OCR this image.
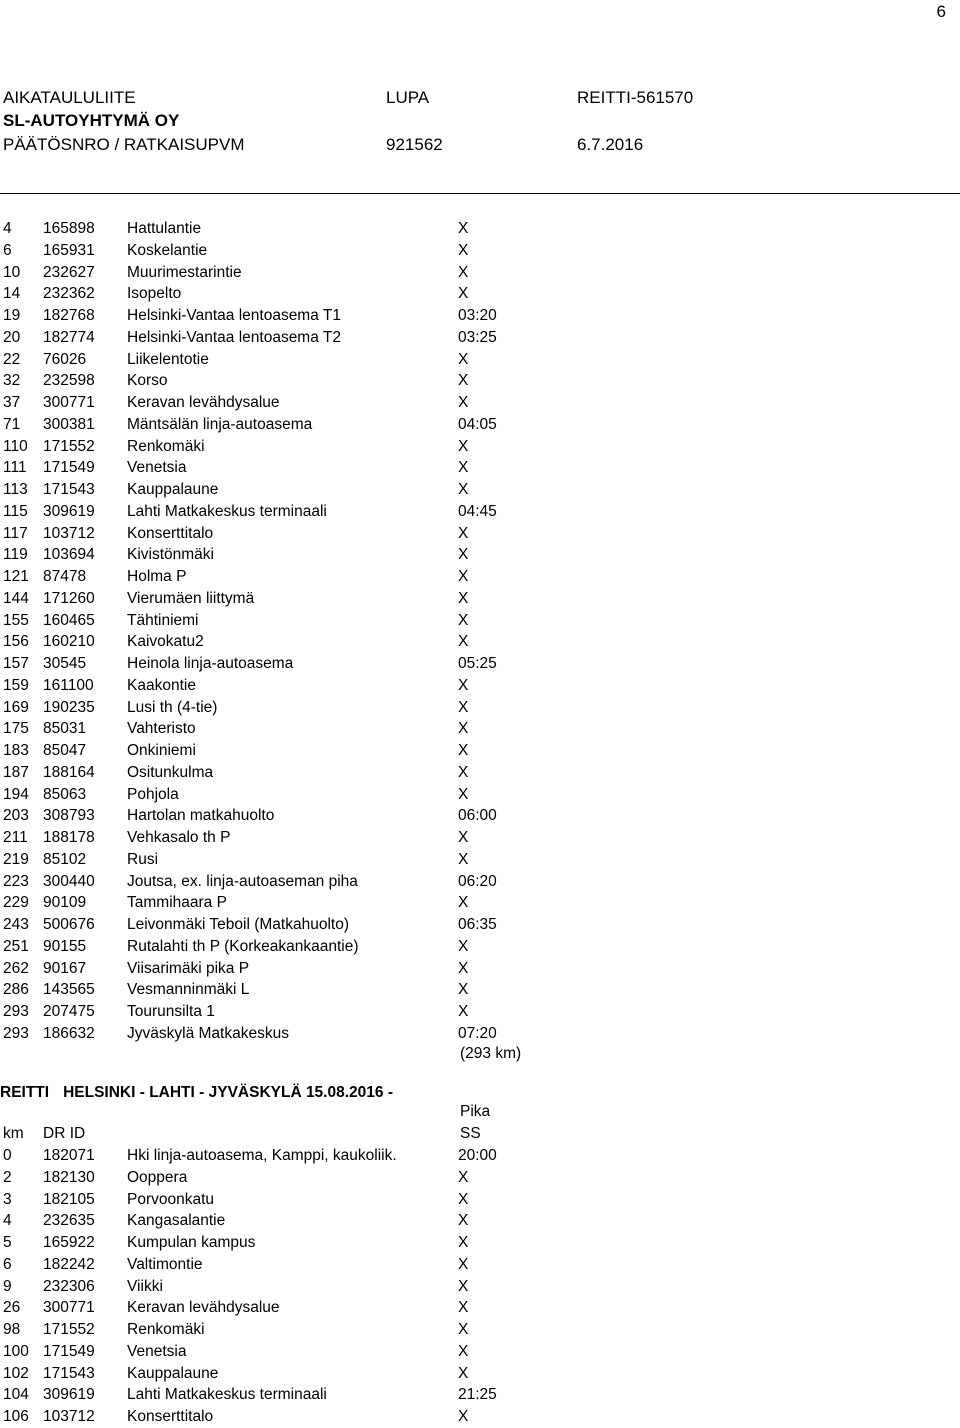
6
AIKATAULULIITE	LUPA	REITTI-561570
SL-AUTOYHTYMÄ OY
PÄÄTÖSNRO / RATKAISUPVM	921562	6.7.2016
4 165898 Hattulantie	X
6 165931 Koskelantie	X
10 232627 Muurimestarintie	X
14 232362 Isopelto	X
19 182768 Helsinki-Vantaa lentoasema T1	03:20
20 182774 Helsinki-Vantaa lentoasema T2	03:25
22 76026	Liikelentotie	X
32 232598 Korso	X
37 300771 Keravan levähdysalue	X
71 300381 Mäntsälän linja-autoasema	04:05
110 171552 Renkomäki	X
111 171549 Venetsia	X
113 171543 Kauppalaune	X
115 309619 Lahti Matkakeskus terminaali	04:45
117 103712 Konserttitalo	X
119 103694 Kivistönmäki	X
121 87478	Holma P	X
144 171260 Vierumäen liittymä	X
155 160465 Tähtiniemi	X
156 160210 Kaivokatu2	X
157 30545	Heinola linja-autoasema	05:25
159 161100 Kaakontie	X
169 190235 Lusi th (4-tie)	X
175 85031	Vahteristo	X
183 85047	Onkiniemi	X
187 188164 Ositunkulma	X
194 85063	Pohjola	X
203 308793 Hartolan matkahuolto	06:00
211 188178 Vehkasalo th P	X
219 85102	Rusi	X
223 300440 Joutsa, ex. linja-autoaseman piha	06:20
229 90109	Tammihaara P	X
243 500676 Leivonmäki Teboil (Matkahuolto)	06:35
251 90155	Rutalahti th P (Korkeakankaantie)	X
262 90167	Viisarimäki pika P	X
286 143565 Vesmanninmäki L	X
293 207475 Tourunsilta 1	X
293 186632 Jyväskylä Matkakeskus	07:20
(293 km)
REITTI HELSINKI - LAHTI - JYVÄSKYLÄ 15.08.2016 -
Pika
km DR ID	SS
0 182071 Hki linja-autoasema, Kamppi, kaukoliik.	20:00
2 182130 Ooppera	X
3 182105 Porvoonkatu	X
4 232635 Kangasalantie	X
5 165922 Kumpulan kampus	X
6 182242 Valtimontie	X
9 232306 Viikki	X
26 300771 Keravan levähdysalue	X
98 171552 Renkomäki	X
100 171549 Venetsia	X
102 171543 Kauppalaune	X
104 309619 Lahti Matkakeskus terminaali	21:25
106 103712 Konserttitalo	X
